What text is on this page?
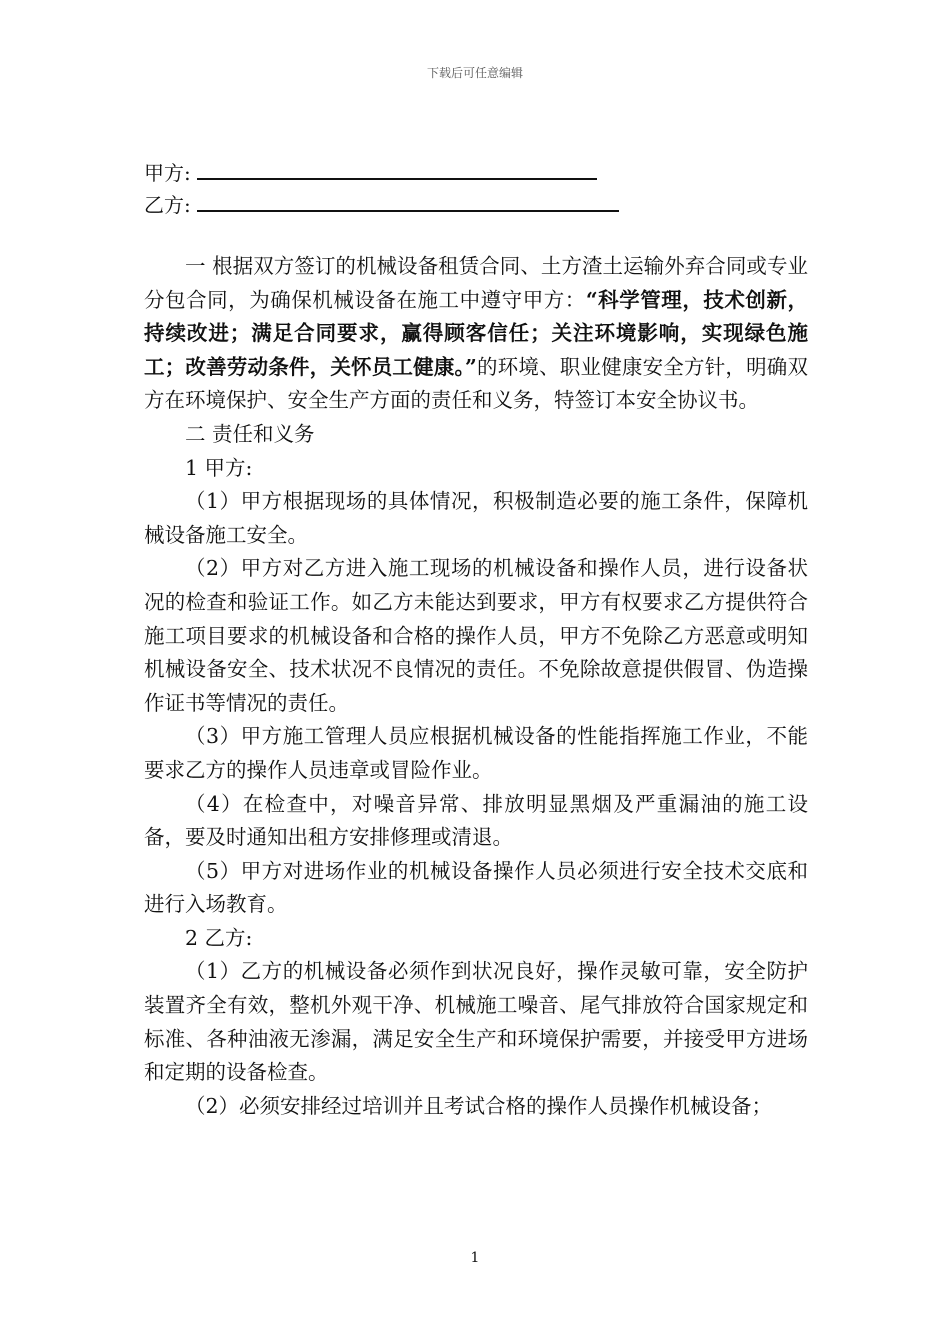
下载后可任意编辑
甲方:
乙方:

一 根据双方签订的机械设备租赁合同、土方渣土运输外弃合同或专业分包合同，为确保机械设备在施工中遵守甲方：“科学管理，技术创新，持续改进；满足合同要求，赢得顾客信任；关注环境影响，实现绿色施工；改善劳动条件，关怀员工健康。”的环境、职业健康安全方针，明确双方在环境保护、安全生产方面的责任和义务，特签订本安全协议书。

二 责任和义务

1 甲方:

（1）甲方根据现场的具体情况，积极制造必要的施工条件，保障机械设备施工安全。

（2）甲方对乙方进入施工现场的机械设备和操作人员，进行设备状况的检查和验证工作。如乙方未能达到要求，甲方有权要求乙方提供符合施工项目要求的机械设备和合格的操作人员，甲方不免除乙方恶意或明知机械设备安全、技术状况不良情况的责任。不免除故意提供假冒、伪造操作证书等情况的责任。

（3）甲方施工管理人员应根据机械设备的性能指挥施工作业，不能要求乙方的操作人员违章或冒险作业。

（4）在检查中，对噪音异常、排放明显黑烟及严重漏油的施工设备，要及时通知出租方安排修理或清退。

（5）甲方对进场作业的机械设备操作人员必须进行安全技术交底和进行入场教育。

2 乙方:

（1）乙方的机械设备必须作到状况良好，操作灵敏可靠，安全防护装置齐全有效，整机外观干净、机械施工噪音、尾气排放符合国家规定和标准、各种油液无渗漏，满足安全生产和环境保护需要，并接受甲方进场和定期的设备检查。

（2）必须安排经过培训并且考试合格的操作人员操作机械设备；

1
